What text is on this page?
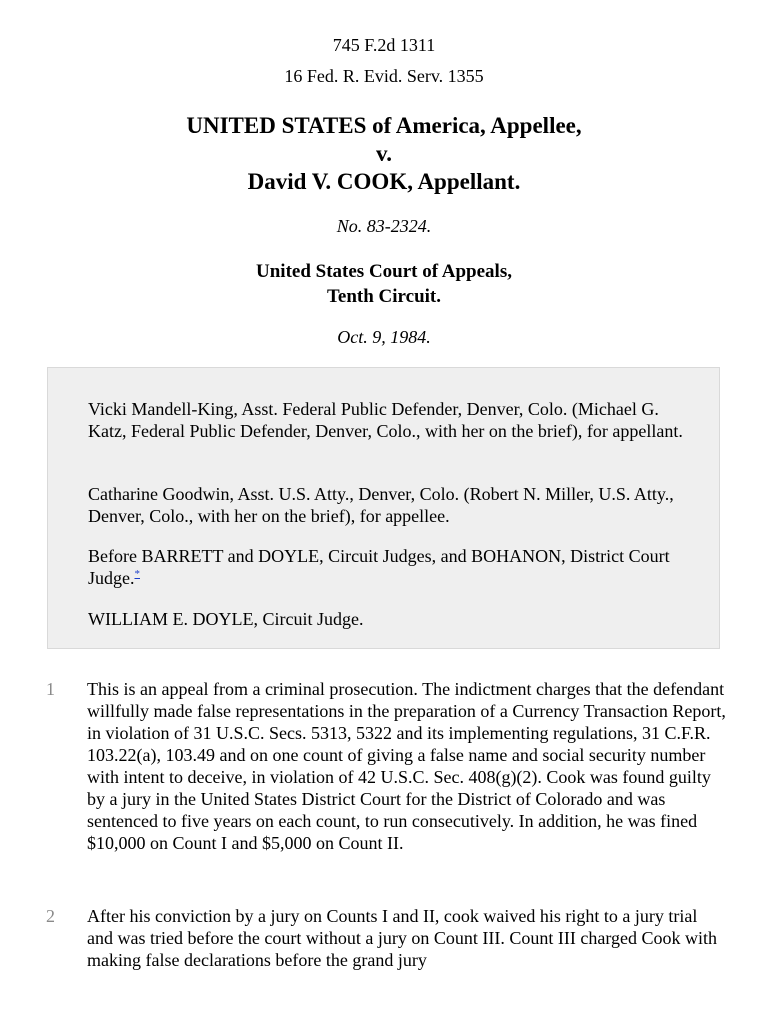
745 F.2d 1311
16 Fed. R. Evid. Serv. 1355
UNITED STATES of America, Appellee,
v.
David V. COOK, Appellant.
No. 83-2324.
United States Court of Appeals,
Tenth Circuit.
Oct. 9, 1984.

Vicki Mandell-King, Asst. Federal Public Defender, Denver, Colo. (Michael G. Katz, Federal Public Defender, Denver, Colo., with her on the brief), for appellant.

Catharine Goodwin, Asst. U.S. Atty., Denver, Colo. (Robert N. Miller, U.S. Atty., Denver, Colo., with her on the brief), for appellee.

Before BARRETT and DOYLE, Circuit Judges, and BOHANON, District Court Judge.*

WILLIAM E. DOYLE, Circuit Judge.

1 This is an appeal from a criminal prosecution. The indictment charges that the defendant willfully made false representations in the preparation of a Currency Transaction Report, in violation of 31 U.S.C. Secs. 5313, 5322 and its implementing regulations, 31 C.F.R. 103.22(a), 103.49 and on one count of giving a false name and social security number with intent to deceive, in violation of 42 U.S.C. Sec. 408(g)(2). Cook was found guilty by a jury in the United States District Court for the District of Colorado and was sentenced to five years on each count, to run consecutively. In addition, he was fined $10,000 on Count I and $5,000 on Count II.

2 After his conviction by a jury on Counts I and II, cook waived his right to a jury trial and was tried before the court without a jury on Count III. Count III charged Cook with making false declarations before the grand jury
